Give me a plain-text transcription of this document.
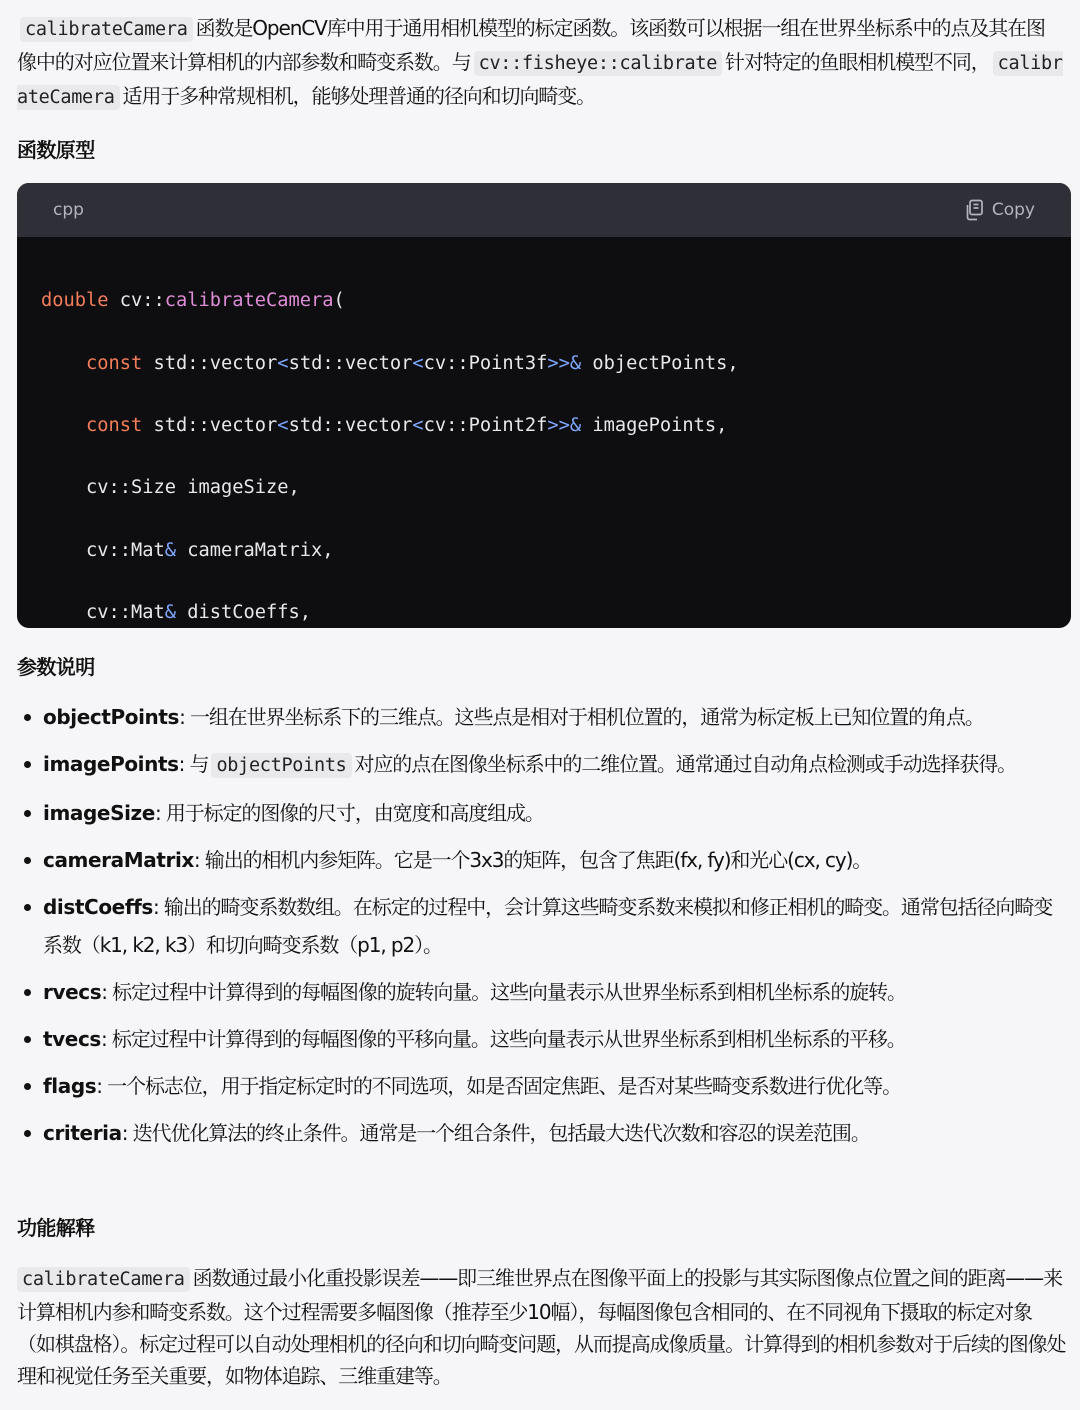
calibrateCamera 函数是OpenCV库中用于通用相机模型的标定函数。该函数可以根据一组在世界坐标系中的点及其在图像中的对应位置来计算相机的内部参数和畸变系数。与 cv::fisheye::calibrate 针对特定的鱼眼相机模型不同， calibrateCamera 适用于多种常规相机，能够处理普通的径向和切向畸变。

函数原型
cpp	Copy

double cv::calibrateCamera(

const std::vector<std::vector<cv::Point3f>>& objectPoints,

const std::vector<std::vector<cv::Point2f>>& imagePoints,

cv::Size imageSize,

cv::Mat& cameraMatrix,

cv::Mat& distCoeffs,

参数说明
objectPoints: 一组在世界坐标系下的三维点。这些点是相对于相机位置的，通常为标定板上已知位置的角点。
imagePoints: 与 objectPoints 对应的点在图像坐标系中的二维位置。通常通过自动角点检测或手动选择获得。
imageSize: 用于标定的图像的尺寸，由宽度和高度组成。
cameraMatrix: 输出的相机内参矩阵。它是一个3x3的矩阵，包含了焦距(fx, fy)和光心(cx, cy)。
distCoeffs: 输出的畸变系数数组。在标定的过程中，会计算这些畸变系数来模拟和修正相机的畸变。通常包括径向畸变系数（k1, k2, k3）和切向畸变系数（p1, p2）。
rvecs: 标定过程中计算得到的每幅图像的旋转向量。这些向量表示从世界坐标系到相机坐标系的旋转。
tvecs: 标定过程中计算得到的每幅图像的平移向量。这些向量表示从世界坐标系到相机坐标系的平移。
flags: 一个标志位，用于指定标定时的不同选项，如是否固定焦距、是否对某些畸变系数进行优化等。
criteria: 迭代优化算法的终止条件。通常是一个组合条件，包括最大迭代次数和容忍的误差范围。
功能解释

calibrateCamera 函数通过最小化重投影误差——即三维世界点在图像平面上的投影与其实际图像点位置之间的距离——来计算相机内参和畸变系数。这个过程需要多幅图像（推荐至少10幅），每幅图像包含相同的、在不同视角下摄取的标定对象（如棋盘格）。标定过程可以自动处理相机的径向和切向畸变问题，从而提高成像质量。计算得到的相机参数对于后续的图像处理和视觉任务至关重要，如物体追踪、三维重建等。
